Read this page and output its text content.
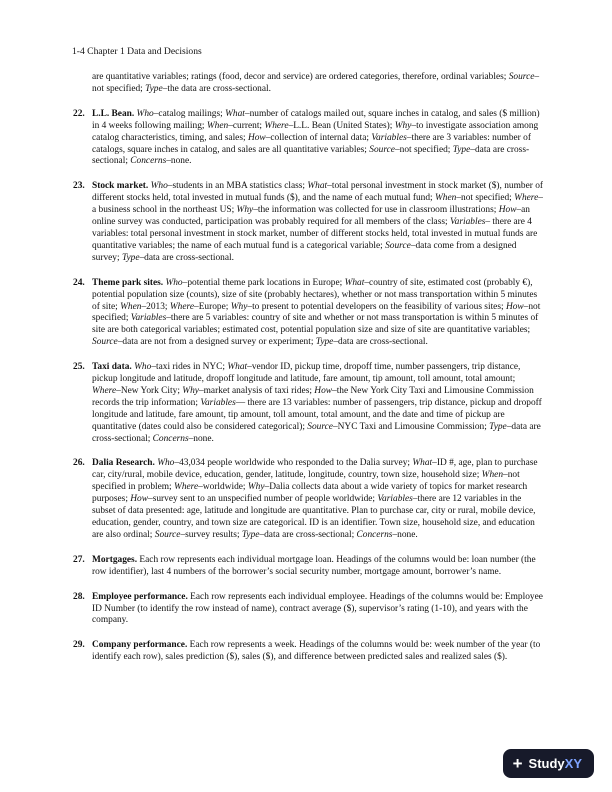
1-4 Chapter 1 Data and Decisions

are quantitative variables; ratings (food, decor and service) are ordered categories, therefore, ordinal variables; Source–not specified; Type–the data are cross-sectional.

22. L.L. Bean. Who–catalog mailings; What–number of catalogs mailed out, square inches in catalog, and sales ($ million) in 4 weeks following mailing; When–current; Where–L.L. Bean (United States); Why–to investigate association among catalog characteristics, timing, and sales; How–collection of internal data; Variables–there are 3 variables: number of catalogs, square inches in catalog, and sales are all quantitative variables; Source–not specified; Type–data are cross-sectional; Concerns–none.

23. Stock market. Who–students in an MBA statistics class; What–total personal investment in stock market ($), number of different stocks held, total invested in mutual funds ($), and the name of each mutual fund; When–not specified; Where–a business school in the northeast US; Why–the information was collected for use in classroom illustrations; How–an online survey was conducted, participation was probably required for all members of the class; Variables– there are 4 variables: total personal investment in stock market, number of different stocks held, total invested in mutual funds are quantitative variables; the name of each mutual fund is a categorical variable; Source–data come from a designed survey; Type–data are cross-sectional.

24. Theme park sites. Who–potential theme park locations in Europe; What–country of site, estimated cost (probably €), potential population size (counts), size of site (probably hectares), whether or not mass transportation within 5 minutes of site; When–2013; Where–Europe; Why–to present to potential developers on the feasibility of various sites; How–not specified; Variables–there are 5 variables: country of site and whether or not mass transportation is within 5 minutes of site are both categorical variables; estimated cost, potential population size and size of site are quantitative variables; Source–data are not from a designed survey or experiment; Type–data are cross-sectional.

25. Taxi data. Who–taxi rides in NYC; What–vendor ID, pickup time, dropoff time, number passengers, trip distance, pickup longitude and latitude, dropoff longitude and latitude, fare amount, tip amount, toll amount, total amount; Where–New York City; Why–market analysis of taxi rides; How–the New York City Taxi and Limousine Commission records the trip information; Variables— there are 13 variables: number of passengers, trip distance, pickup and dropoff longitude and latitude, fare amount, tip amount, toll amount, total amount, and the date and time of pickup are quantitative (dates could also be considered categorical); Source–NYC Taxi and Limousine Commission; Type–data are cross-sectional; Concerns–none.

26. Dalia Research. Who–43,034 people worldwide who responded to the Dalia survey; What–ID #, age, plan to purchase car, city/rural, mobile device, education, gender, latitude, longitude, country, town size, household size; When–not specified in problem; Where–worldwide; Why–Dalia collects data about a wide variety of topics for market research purposes; How–survey sent to an unspecified number of people worldwide; Variables–there are 12 variables in the subset of data presented: age, latitude and longitude are quantitative. Plan to purchase car, city or rural, mobile device, education, gender, country, and town size are categorical. ID is an identifier. Town size, household size, and education are also ordinal; Source–survey results; Type–data are cross-sectional; Concerns–none.

27. Mortgages. Each row represents each individual mortgage loan. Headings of the columns would be: loan number (the row identifier), last 4 numbers of the borrower’s social security number, mortgage amount, borrower’s name.

28. Employee performance. Each row represents each individual employee. Headings of the columns would be: Employee ID Number (to identify the row instead of name), contract average ($), supervisor’s rating (1-10), and years with the company.

29. Company performance. Each row represents a week. Headings of the columns would be: week number of the year (to identify each row), sales prediction ($), sales ($), and difference between predicted sales and realized sales ($).

+ StudyXY
